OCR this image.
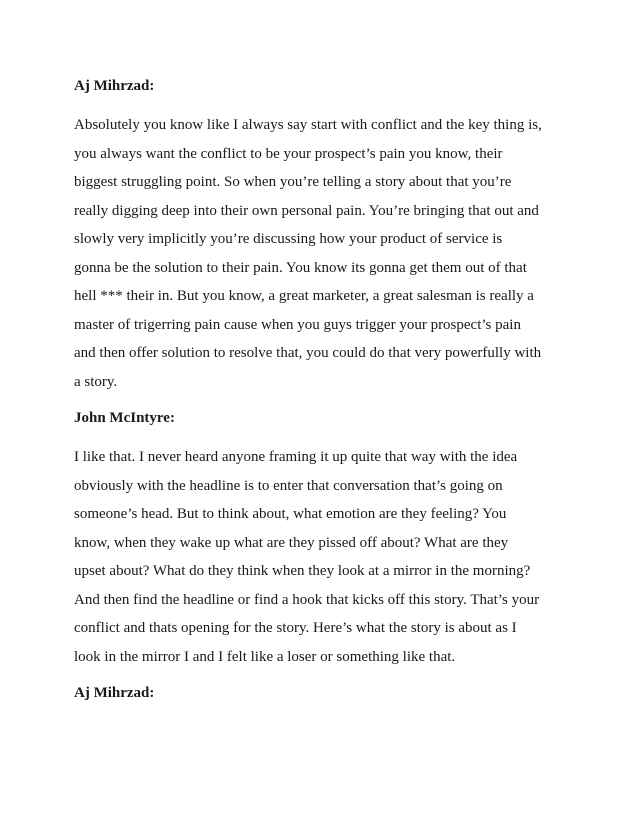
Aj Mihrzad:

Absolutely you know like I always say start with conflict and the key thing is,
you always want the conflict to be your prospect’s pain you know, their
biggest struggling point. So when you’re telling a story about that you’re
really digging deep into their own personal pain. You’re bringing that out and
slowly very implicitly you’re discussing how your product of service is
gonna be the solution to their pain. You know its gonna get them out of that
hell *** their in. But you know, a great marketer, a great salesman is really a
master of trigerring pain cause when you guys trigger your prospect’s pain
and then offer solution to resolve that, you could do that very powerfully with
a story.

John McIntyre:

I like that. I never heard anyone framing it up quite that way with the idea
obviously with the headline is to enter that conversation that’s going on
someone’s head. But to think about, what emotion are they feeling? You
know, when they wake up what are they pissed off about? What are they
upset about? What do they think when they look at a mirror in the morning?
And then find the headline or find a hook that kicks off this story. That’s your
conflict and thats opening for the story. Here’s what the story is about as I
look in the mirror I and I felt like a loser or something like that.

Aj Mihrzad:
